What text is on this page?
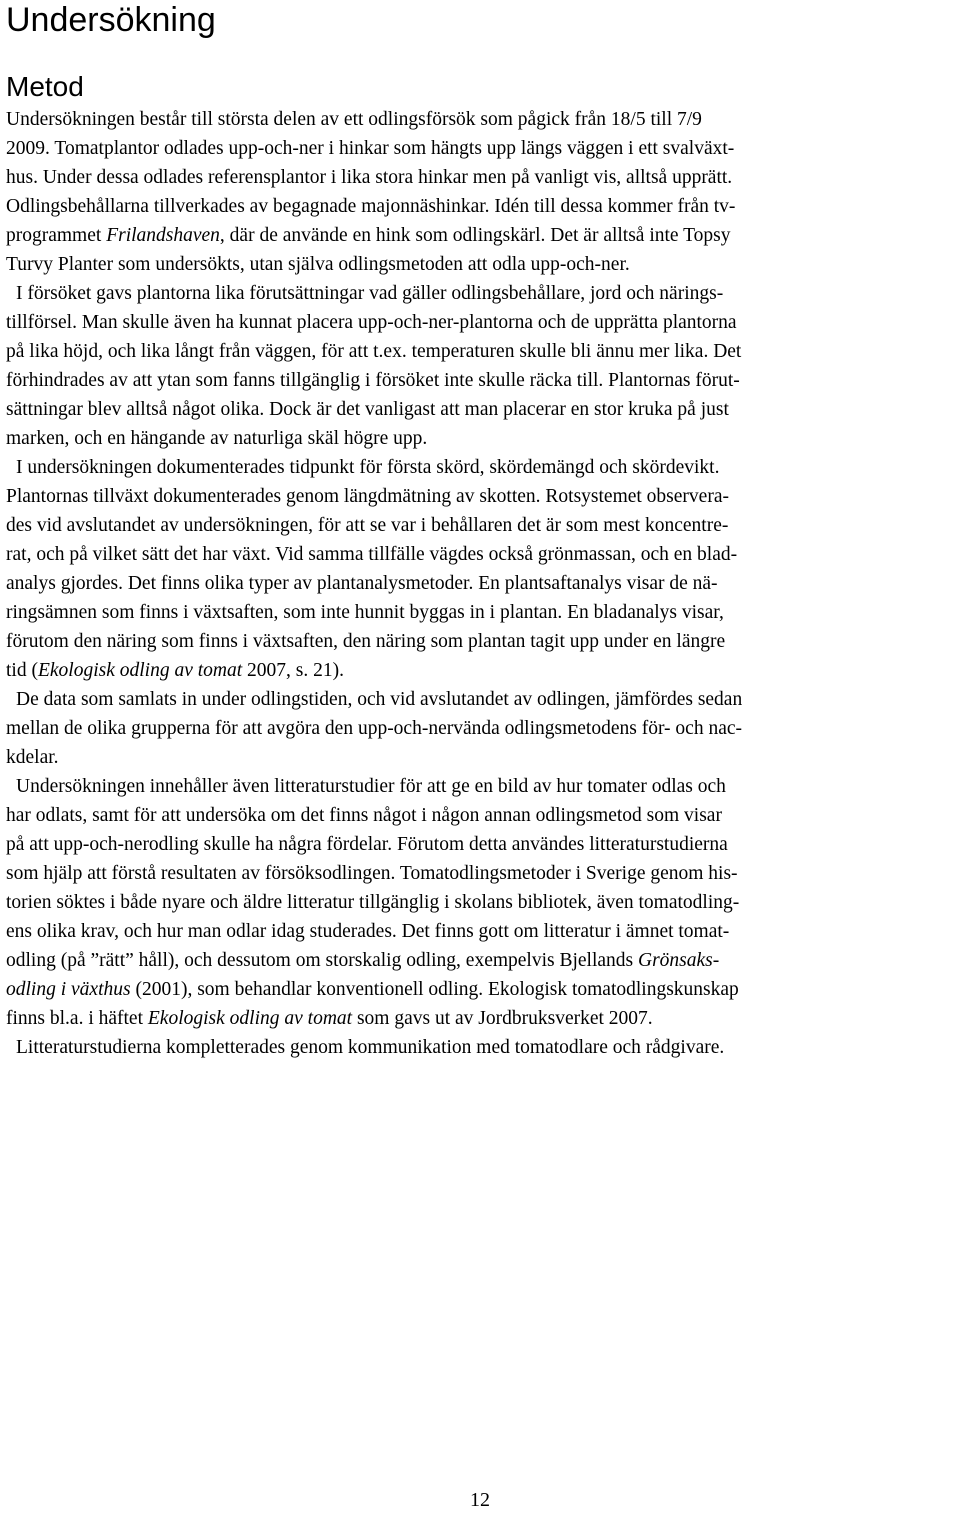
Undersökning
Metod
Undersökningen består till största delen av ett odlingsförsök som pågick från 18/5 till 7/9
2009. Tomatplantor odlades upp-och-ner i hinkar som hängts upp längs väggen i ett svalväxt-
hus. Under dessa odlades referensplantor i lika stora hinkar men på vanligt vis, alltså upprätt.
Odlingsbehållarna tillverkades av begagnade majonnäshinkar. Idén till dessa kommer från tv-
programmet Frilandshaven, där de använde en hink som odlingskärl. Det är alltså inte Topsy
Turvy Planter som undersökts, utan själva odlingsmetoden att odla upp-och-ner.
I försöket gavs plantorna lika förutsättningar vad gäller odlingsbehållare, jord och närings-
tillförsel. Man skulle även ha kunnat placera upp-och-ner-plantorna och de upprätta plantorna
på lika höjd, och lika långt från väggen, för att t.ex. temperaturen skulle bli ännu mer lika. Det
förhindrades av att ytan som fanns tillgänglig i försöket inte skulle räcka till. Plantornas förut-
sättningar blev alltså något olika. Dock är det vanligast att man placerar en stor kruka på just
marken, och en hängande av naturliga skäl högre upp.
I undersökningen dokumenterades tidpunkt för första skörd, skördemängd och skördevikt.
Plantornas tillväxt dokumenterades genom längdmätning av skotten. Rotsystemet observera-
des vid avslutandet av undersökningen, för att se var i behållaren det är som mest koncentre-
rat, och på vilket sätt det har växt. Vid samma tillfälle vägdes också grönmassan, och en blad-
analys gjordes. Det finns olika typer av plantanalysmetoder. En plantsaftanalys visar de nä-
ringsämnen som finns i växtsaften, som inte hunnit byggas in i plantan. En bladanalys visar,
förutom den näring som finns i växtsaften, den näring som plantan tagit upp under en längre
tid (Ekologisk odling av tomat 2007, s. 21).
De data som samlats in under odlingstiden, och vid avslutandet av odlingen, jämfördes sedan
mellan de olika grupperna för att avgöra den upp-och-nervända odlingsmetodens för- och nac-
kdelar.
Undersökningen innehåller även litteraturstudier för att ge en bild av hur tomater odlas och
har odlats, samt för att undersöka om det finns något i någon annan odlingsmetod som visar
på att upp-och-nerodling skulle ha några fördelar. Förutom detta användes litteraturstudierna
som hjälp att förstå resultaten av försöksodlingen. Tomatodlingsmetoder i Sverige genom his-
torien söktes i både nyare och äldre litteratur tillgänglig i skolans bibliotek, även tomatodling-
ens olika krav, och hur man odlar idag studerades. Det finns gott om litteratur i ämnet tomat-
odling (på ”rätt” håll), och dessutom om storskalig odling, exempelvis Bjellands Grönsaks-
odling i växthus (2001), som behandlar konventionell odling. Ekologisk tomatodlingskunskap
finns bl.a. i häftet Ekologisk odling av tomat som gavs ut av Jordbruksverket 2007.
Litteraturstudierna kompletterades genom kommunikation med tomatodlare och rådgivare.
12
